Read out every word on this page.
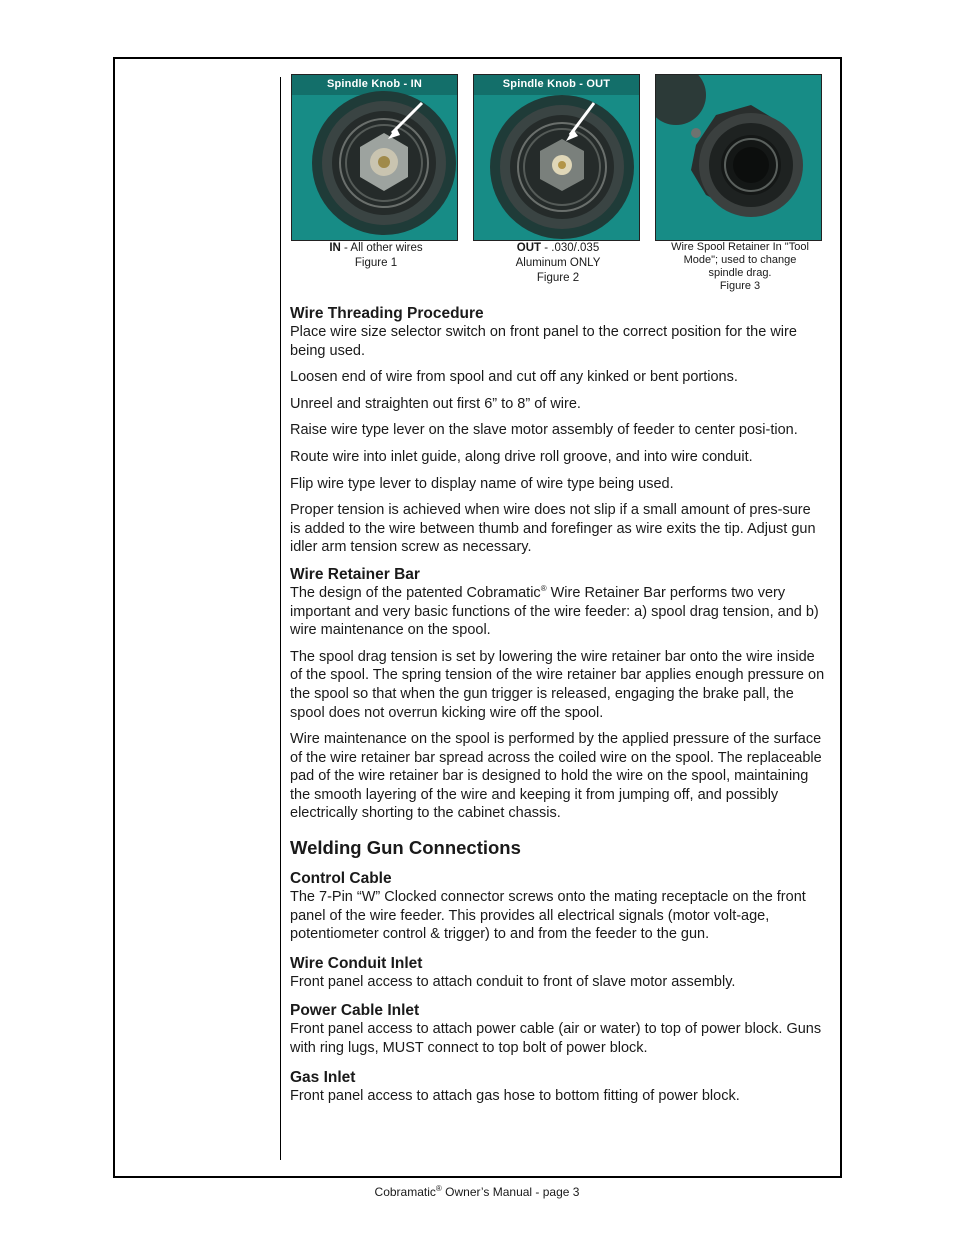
Spindle Knob - IN
IN - All other wires
Figure 1
Spindle Knob - OUT
OUT - .030/.035
Aluminum ONLY
Figure 2
Wire Spool Retainer In "Tool
Mode"; used to change
spindle drag.
Figure 3
Wire Threading Procedure

Place wire size selector switch on front panel to the correct position for the wire being used.

Loosen end of wire from spool and cut off any kinked or bent portions.

Unreel and straighten out first 6” to 8” of wire.

Raise wire type lever on the slave motor assembly of feeder to center posi-tion.

Route wire into inlet guide, along drive roll groove, and into wire conduit.

Flip wire type lever to display name of wire type being used.

Proper tension is achieved when wire does not slip if a small amount of pres-sure is added to the wire between thumb and forefinger as wire exits the tip. Adjust gun idler arm tension screw as necessary.

Wire Retainer Bar

The design of the patented Cobramatic® Wire Retainer Bar performs two very important and very basic functions of the wire feeder: a) spool drag tension, and b) wire maintenance on the spool.

The spool drag tension is set by lowering the wire retainer bar onto the wire inside of the spool. The spring tension of the wire retainer bar applies enough pressure on the spool so that when the gun trigger is released, engaging the brake pall, the spool does not overrun kicking wire off the spool.

Wire maintenance on the spool is performed by the applied pressure of the surface of the wire retainer bar spread across the coiled wire on the spool. The replaceable pad of the wire retainer bar is designed to hold the wire on the spool, maintaining the smooth layering of the wire and keeping it from jumping off, and possibly electrically shorting to the cabinet chassis.

Welding Gun Connections
Control Cable

The 7-Pin “W” Clocked connector screws onto the mating receptacle on the front panel of the wire feeder. This provides all electrical signals (motor volt-age, potentiometer control & trigger) to and from the feeder to the gun.

Wire Conduit Inlet

Front panel access to attach conduit to front of slave motor assembly.

Power Cable Inlet

Front panel access to attach power cable (air or water) to top of power block. Guns with ring lugs, MUST connect to top bolt of power block.

Gas Inlet

Front panel access to attach gas hose to bottom fitting of power block.

Cobramatic® Owner’s Manual - page 3
